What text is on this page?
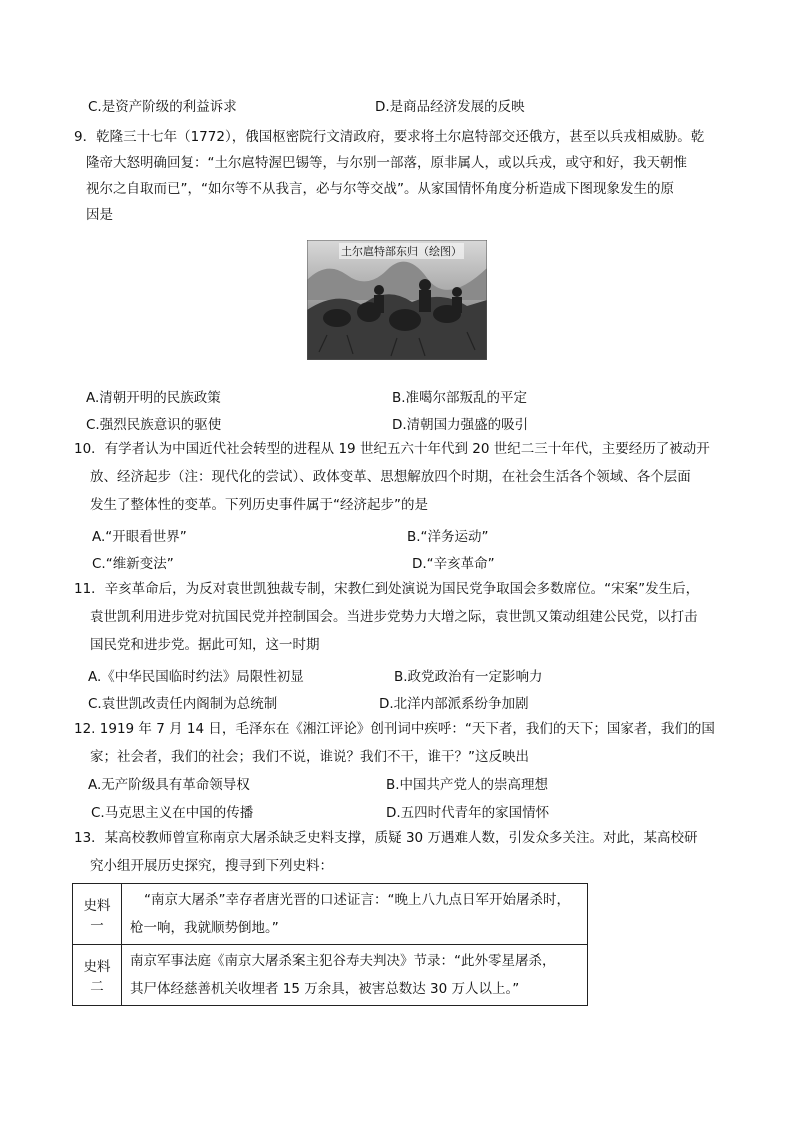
C.是资产阶级的利益诉求	D.是商品经济发展的反映
9．乾隆三十七年（1772），俄国枢密院行文清政府，要求将土尔扈特部交还俄方，甚至以兵戎相威胁。乾
隆帝大怒明确回复：“土尔扈特渥巴锡等，与尔别一部落，原非属人，或以兵戎，或守和好，我天朝惟
视尔之自取而已”，“如尔等不从我言，必与尔等交战”。从家国情怀角度分析造成下图现象发生的原
因是
土尔扈特部东归（绘图）
A.清朝开明的民族政策	B.准噶尔部叛乱的平定
C.强烈民族意识的驱使	D.清朝国力强盛的吸引
10．有学者认为中国近代社会转型的进程从 19 世纪五六十年代到 20 世纪二三十年代，主要经历了被动开
放、经济起步（注：现代化的尝试）、政体变革、思想解放四个时期，在社会生活各个领域、各个层面
发生了整体性的变革。下列历史事件属于“经济起步”的是
A.“开眼看世界”	B.“洋务运动”
C.“维新变法”	D.“辛亥革命”
11．辛亥革命后，为反对袁世凯独裁专制，宋教仁到处演说为国民党争取国会多数席位。“宋案”发生后，
袁世凯利用进步党对抗国民党并控制国会。当进步党势力大增之际，袁世凯又策动组建公民党，以打击
国民党和进步党。据此可知，这一时期
A.《中华民国临时约法》局限性初显	B.政党政治有一定影响力
C.袁世凯改责任内阁制为总统制	D.北洋内部派系纷争加剧
12. 1919 年 7 月 14 日，毛泽东在《湘江评论》创刊词中疾呼：“天下者，我们的天下；国家者，我们的国
家；社会者，我们的社会；我们不说，谁说？我们不干，谁干？”这反映出
A.无产阶级具有革命领导权	B.中国共产党人的崇高理想
C.马克思主义在中国的传播	D.五四时代青年的家国情怀
13．某高校教师曾宣称南京大屠杀缺乏史料支撑，质疑 30 万遇难人数，引发众多关注。对此，某高校研
究小组开展历史探究，搜寻到下列史料：
史料一	“南京大屠杀”幸存者唐光晋的口述证言：“晚上八九点日军开始屠杀时，
枪一响，我就顺势倒地。”

史料二	南京军事法庭《南京大屠杀案主犯谷寿夫判决》节录：“此外零星屠杀，
其尸体经慈善机关收埋者 15 万余具，被害总数达 30 万人以上。”
